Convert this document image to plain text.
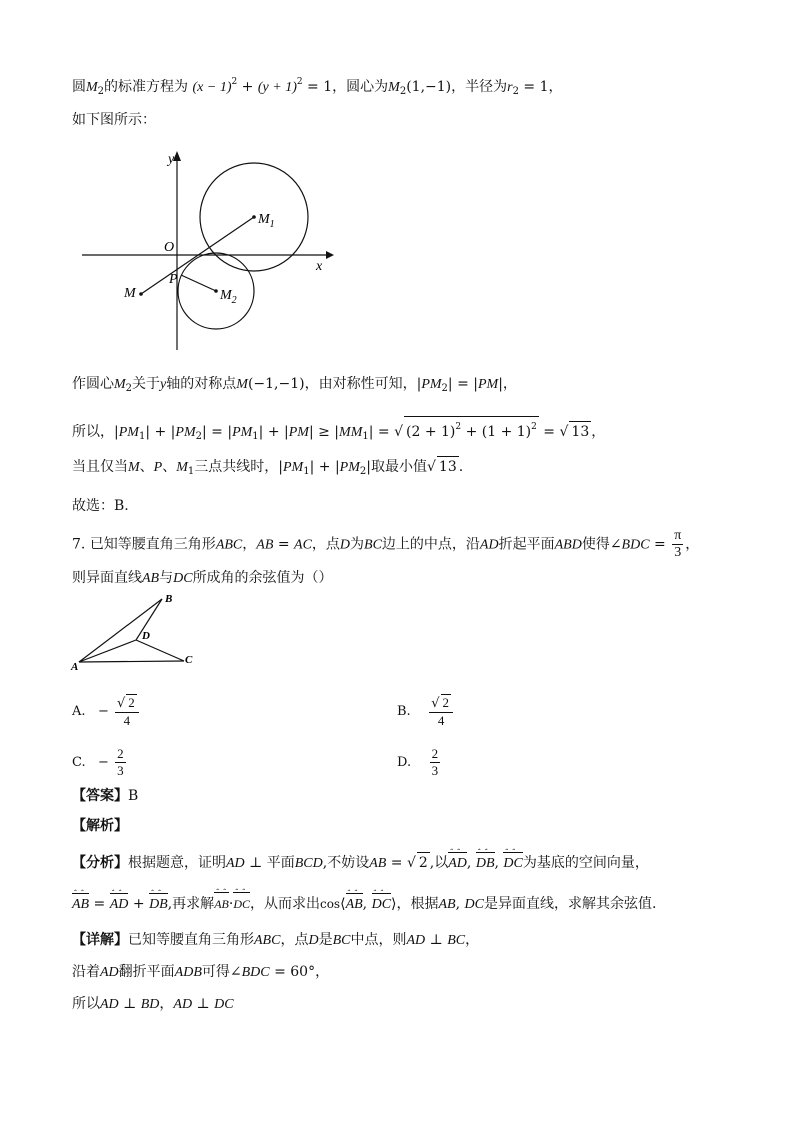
圆$M_2$的标准方程为 $(x - 1)^2 + (y + 1)^2 = 1$，圆心为$M_2(1,-1)$，半径为$r_2 = 1$，
如下图所示：
y
x
O
P
M
$M_1$
$M_2$
作圆心$M_2$关于y轴的对称点M(−1,−1)，由对称性可知，$|PM_2| = |PM|$，
所以，$|PM_1| + |PM_2| = |PM_1| + |PM| \ge |MM_1|$ = √ $(2 + 1)^2 + (1 + 1)^2$ = √ 13 ，
当且仅当M、P、$M_1$三点共线时，$|PM_1| + |PM_2|$取最小值√ 13 .
故选：B.
7. 已知等腰直角三角形ABC，AB = AC，点D为BC边上的中点，沿AD折起平面ABD使得∠BDC = $\frac{\pi}{3}$ ，
则异面直线AB与DC所成角的余弦值为（）
A
B
C
D
A. − $\frac{√ 2}{4}$	B. $\frac{√ 2}{4}$
C. − $\frac{2}{3}$	D. $\frac{2}{3}$
【答案】B
【解析】
【分析】根据题意，证明AD ⊥ 平面BCD,不妨设AB = √ 2 ,以⌃⌃ AD, ⌃⌃ DB, ⌃⌃ DC为基底的空间向量，
⌃⌃ AB = ⌃⌃ AD + ⌃⌃ DB,再求解⌃⌃ AB·⌃⌃ DC，从而求出cos⟨⌃⌃ AB, ⌃⌃ DC⟩，根据AB, DC是异面直线，求解其余弦值.
【详解】已知等腰直角三角形ABC，点D是BC中点，则AD ⊥ BC，
沿着AD翻折平面ADB可得∠BDC = 60°，
所以AD ⊥ BD，AD ⊥ DC
